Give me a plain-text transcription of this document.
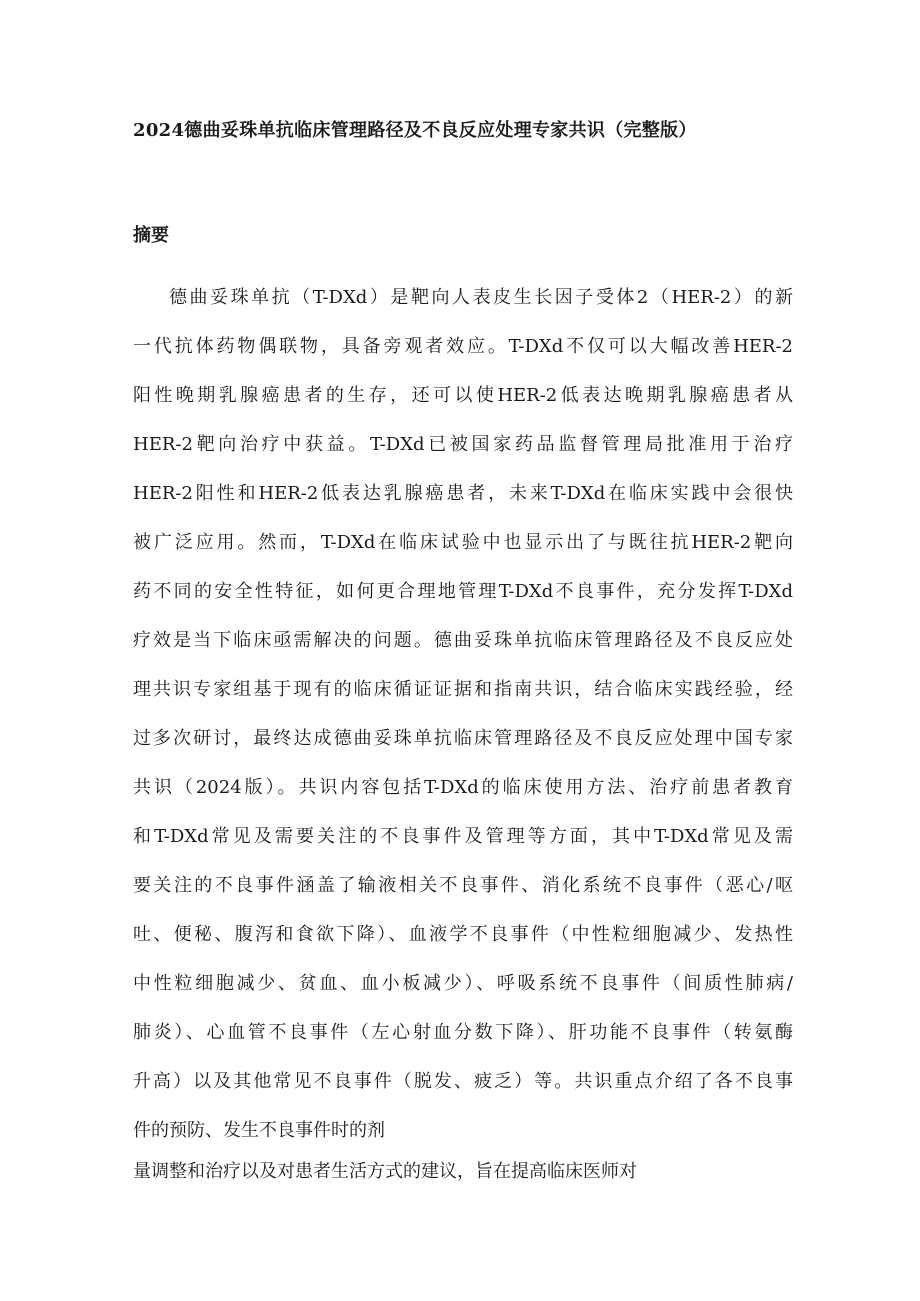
2024德曲妥珠单抗临床管理路径及不良反应处理专家共识（完整版）
摘要
德曲妥珠单抗（T-DXd）是靶向人表皮生长因子受体2（HER-2）的新
一代抗体药物偶联物，具备旁观者效应。T-DXd不仅可以大幅改善HER-2
阳性晚期乳腺癌患者的生存，还可以使HER-2低表达晚期乳腺癌患者从
HER-2靶向治疗中获益。T-DXd已被国家药品监督管理局批准用于治疗
HER-2阳性和HER-2低表达乳腺癌患者，未来T-DXd在临床实践中会很快
被广泛应用。然而，T-DXd在临床试验中也显示出了与既往抗HER-2靶向
药不同的安全性特征，如何更合理地管理T-DXd不良事件，充分发挥T-DXd
疗效是当下临床亟需解决的问题。德曲妥珠单抗临床管理路径及不良反应处
理共识专家组基于现有的临床循证证据和指南共识，结合临床实践经验，经
过多次研讨，最终达成德曲妥珠单抗临床管理路径及不良反应处理中国专家
共识（2024版）。共识内容包括T-DXd的临床使用方法、治疗前患者教育
和T-DXd常见及需要关注的不良事件及管理等方面，其中T-DXd常见及需
要关注的不良事件涵盖了输液相关不良事件、消化系统不良事件（恶心/呕
吐、便秘、腹泻和食欲下降）、血液学不良事件（中性粒细胞减少、发热性
中性粒细胞减少、贫血、血小板减少）、呼吸系统不良事件（间质性肺病/
肺炎）、心血管不良事件（左心射血分数下降）、肝功能不良事件（转氨酶
升高）以及其他常见不良事件（脱发、疲乏）等。共识重点介绍了各不良事
件的预防、发生不良事件时的剂
量调整和治疗以及对患者生活方式的建议，旨在提高临床医师对
